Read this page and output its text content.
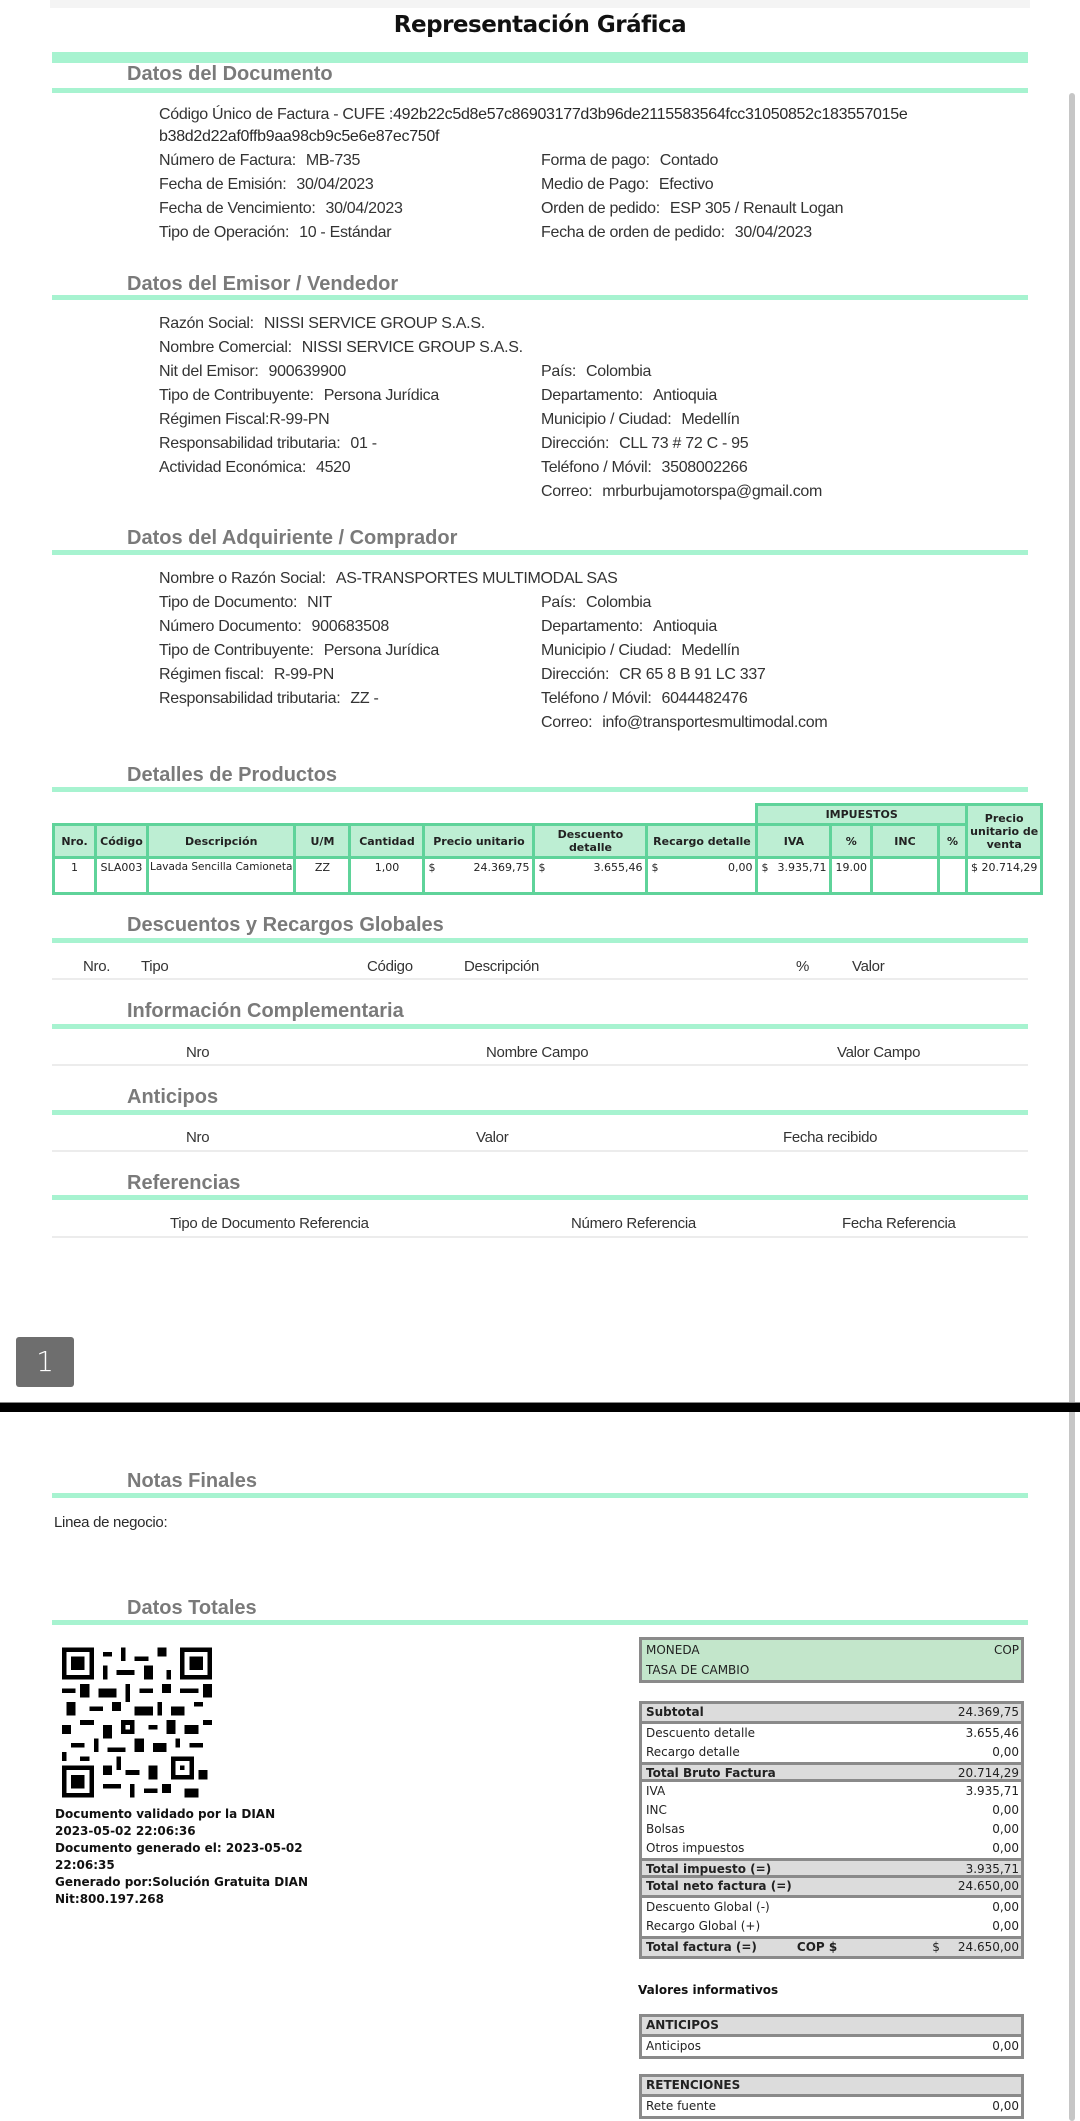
Representación Gráfica
Datos del Documento
Código Único de Factura - CUFE :492b22c5d8e57c86903177d3b96de2115583564fcc31050852c183557015e
b38d2d22af0ffb9aa98cb9c5e6e87ec750f
Número de Factura: MB-735
Fecha de Emisión: 30/04/2023
Fecha de Vencimiento: 30/04/2023
Tipo de Operación: 10 - Estándar
Forma de pago: Contado
Medio de Pago: Efectivo
Orden de pedido: ESP 305 / Renault Logan
Fecha de orden de pedido: 30/04/2023
Datos del Emisor / Vendedor
Razón Social: NISSI SERVICE GROUP S.A.S.
Nombre Comercial: NISSI SERVICE GROUP S.A.S.
Nit del Emisor: 900639900
Tipo de Contribuyente: Persona Jurídica
Régimen Fiscal:R-99-PN
Responsabilidad tributaria: 01 -
Actividad Económica: 4520
País: Colombia
Departamento: Antioquia
Municipio / Ciudad: Medellín
Dirección: CLL 73 # 72 C - 95
Teléfono / Móvil: 3508002266
Correo: mrburbujamotorspa@gmail.com
Datos del Adquiriente / Comprador
Nombre o Razón Social: AS-TRANSPORTES MULTIMODAL SAS
Tipo de Documento: NIT
Número Documento: 900683508
Tipo de Contribuyente: Persona Jurídica
Régimen fiscal: R-99-PN
Responsabilidad tributaria: ZZ -
País: Colombia
Departamento: Antioquia
Municipio / Ciudad: Medellín
Dirección: CR 65 8 B 91 LC 337
Teléfono / Móvil: 6044482476
Correo: info@transportesmultimodal.com
Detalles de Productos
								IMPUESTOS				Precio unitario de venta
Nro.	Código	Descripción	U/M	Cantidad	Precio unitario	Descuento detalle	Recargo detalle	IVA	%	INC	%	
1	SLA003	Lavada Sencilla Camioneta	ZZ	1,00	$ 24.369,75	$ 3.655,46	$ 0,00	$ 3.935,71	19.00			$ 20.714,29
Descuentos y Recargos Globales
Nro. Tipo	Código	Descripción	%	Valor
Información Complementaria
Nro	Nombre Campo	Valor Campo
Anticipos
Nro	Valor	Fecha recibido
Referencias
Tipo de Documento Referencia	Número Referencia	Fecha Referencia
1
Notas Finales
Linea de negocio:
Datos Totales
Documento validado por la DIAN 2023-05-02 22:06:36
Documento generado el: 2023-05-02 22:06:35
Generado por:Solución Gratuita DIAN Nit:800.197.268
MONEDA	COP
TASA DE CAMBIO
Subtotal	24.369,75
Descuento detalle	3.655,46
Recargo detalle	0,00
Total Bruto Factura	20.714,29
IVA	3.935,71
INC	0,00
Bolsas	0,00
Otros impuestos	0,00
Total impuesto (=)	3.935,71
Total neto factura (=)	24.650,00
Descuento Global (-)	0,00
Recargo Global (+)	0,00
Total factura (=)	COP $	$ 24.650,00
Valores informativos
ANTICIPOS
Anticipos	0,00
RETENCIONES
Rete fuente	0,00
